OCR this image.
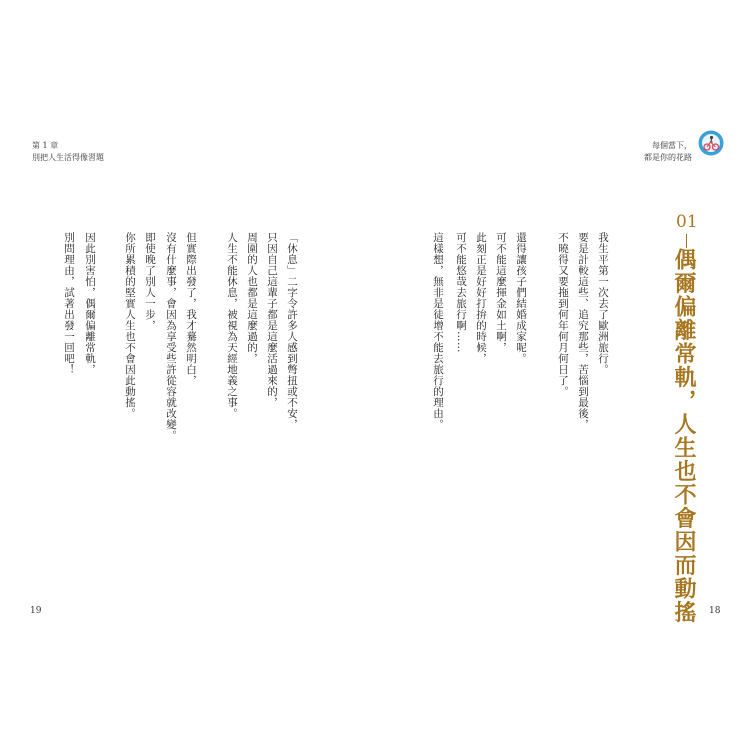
第 1 章
別把人生活得像習題
「休息」二字令許多人感到彆扭或不安，
只因自己這輩子都是這麼活過來的，
周圍的人也都是這麼過的，
人生不能休息，被視為天經地義之事。
但實際出發了，我才驀然明白，
沒有什麼事，會因為享受些許從容就改變。
即使晚了別人一步，
你所累積的堅實人生也不會因此動搖。
因此別害怕，偶爾偏離常軌，
別問理由，試著出發一回吧！
19
每個當下，
都是你的花路
01
偶爾偏離常軌，人生也不會因而動搖
我生平第一次去了歐洲旅行。
要是計較這些、追究那些，苦惱到最後，
不曉得又要拖到何年何月何日了。
還得讓孩子們結婚成家呢。
可不能這麼揮金如土啊，
此刻正是好好打拚的時候，
可不能悠哉去旅行啊……
這樣想，無非是徒增不能去旅行的理由。
18
